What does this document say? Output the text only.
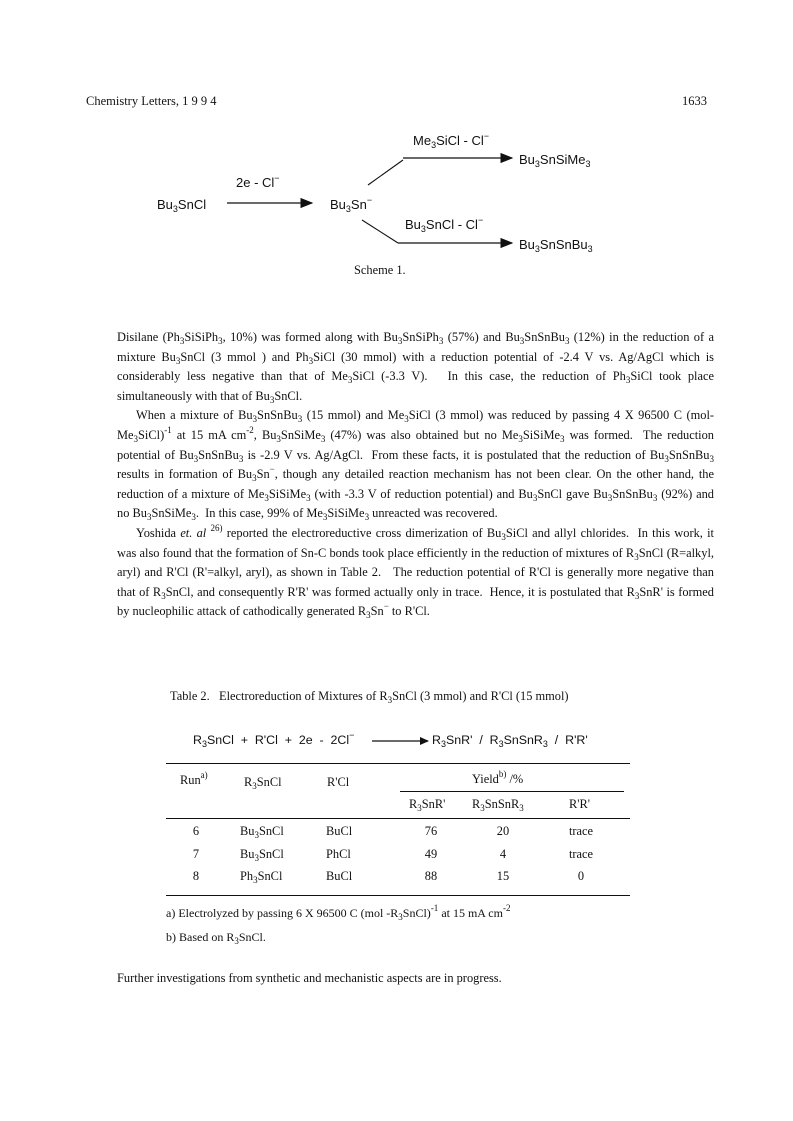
Chemistry Letters, 1 9 9 4	1633
$Bu_3SnCl$
2e - Cl−
$Bu_3Sn^-$
$Me_3SiCl - Cl^-$
$Bu_3SnSiMe_3$
$Bu_3SnCl - Cl^-$
$Bu_3SnSnBu_3$
Scheme 1.

Disilane ($Ph_3SiSiPh_3$, 10%) was formed along with $Bu_3SnSiPh_3$ (57%) and $Bu_3SnSnBu_3$ (12%) in the reduction of a mixture $Bu_3SnCl$ (3 mmol ) and $Ph_3SiCl$ (30 mmol) with a reduction potential of -2.4 V vs. Ag/AgCl which is considerably less negative than that of $Me_3SiCl$ (-3.3 V).   In this case, the reduction of $Ph_3SiCl$ took place simultaneously with that of $Bu_3SnCl$.

When a mixture of $Bu_3SnSnBu_3$ (15 mmol) and $Me_3SiCl$ (3 mmol) was reduced by passing 4 X 96500 C $(mol-Me_3SiCl)^{-1}$ at 15 mA $cm^{-2}$, $Bu_3SnSiMe_3$ (47%) was also obtained but no $Me_3SiSiMe_3$ was formed.  The reduction potential of $Bu_3SnSnBu_3$ is -2.9 V vs. Ag/AgCl.  From these facts, it is postulated that the reduction of $Bu_3SnSnBu_3$ results in formation of $Bu_3Sn^-$, though any detailed reaction mechanism has not been clear. On the other hand, the reduction of a mixture of $Me_3SiSiMe_3$ (with -3.3 V of reduction potential) and $Bu_3SnCl$ gave $Bu_3SnSnBu_3$ (92%) and no $Bu_3SnSiMe_3$.  In this case, 99% of $Me_3SiSiMe_3$ unreacted was recovered.

Yoshida et. al $^{26)}$ reported the electroreductive cross dimerization of $Bu_3SiCl$ and allyl chlorides.  In this work, it was also found that the formation of Sn-C bonds took place efficiently in the reduction of mixtures of $R_3SnCl$ (R=alkyl, aryl) and R'Cl (R'=alkyl, aryl), as shown in Table 2.   The reduction potential of R'Cl is generally more negative than that of $R_3SnCl$, and consequently R'R' was formed actually only in trace.  Hence, it is postulated that $R_3SnR'$ is formed by nucleophilic attack of cathodically generated $R_3Sn^-$ to R'Cl.

Table 2.   Electroreduction of Mixtures of $R_3SnCl$ (3 mmol) and R'Cl (15 mmol)
$R_3SnCl + R'Cl + 2e - 2Cl^-$	$R_3SnR'$  /  $R_3SnSnR_3 / R'R'$
Run$^{a)}$	$R_3SnCl$	R'Cl	Yield$^{b)}$ /%
$R_3SnR'$ $R_3SnSnR_3$	R'R'
6	$Bu_3SnCl$	BuCl	76	20	trace
7	$Bu_3SnCl$	PhCl	49	4	trace
8	$Ph_3SnCl$	BuCl	88	15	0
a) Electrolyzed by passing 6 X 96500 C (mol $-R_3SnCl)^{-1}$ at 15 mA $cm^{-2}$
b) Based on $R_3SnCl$.
Further investigations from synthetic and mechanistic aspects are in progress.
